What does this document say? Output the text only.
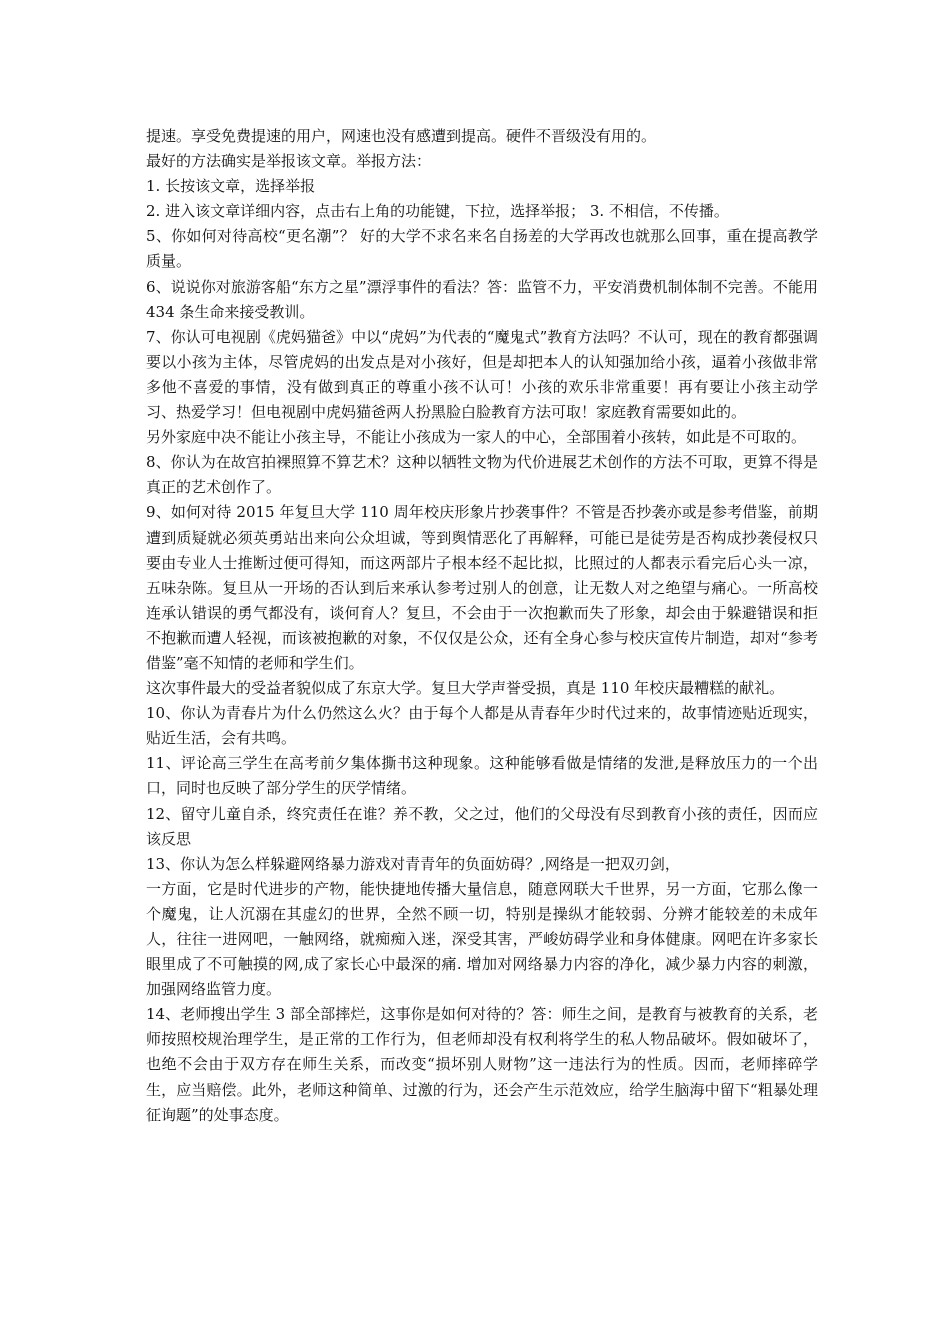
提速。享受免费提速的用户，网速也没有感遭到提高。硬件不晋级没有用的。

最好的方法确实是举报该文章。举报方法：

1. 长按该文章，选择举报

2. 进入该文章详细内容，点击右上角的功能键，下拉，选择举报； 3. 不相信，不传播。

5、你如何对待高校“更名潮”？ 好的大学不求名来名自扬差的大学再改也就那么回事，重在提高教学质量。

6、说说你对旅游客船“东方之星”漂浮事件的看法？答：监管不力，平安消费机制体制不完善。不能用 434 条生命来接受教训。

7、你认可电视剧《虎妈猫爸》中以“虎妈”为代表的“魔鬼式”教育方法吗？不认可，现在的教育都强调要以小孩为主体，尽管虎妈的出发点是对小孩好，但是却把本人的认知强加给小孩，逼着小孩做非常多他不喜爱的事情，没有做到真正的尊重小孩不认可！小孩的欢乐非常重要！再有要让小孩主动学习、热爱学习！但电视剧中虎妈猫爸两人扮黑脸白脸教育方法可取！家庭教育需要如此的。

另外家庭中决不能让小孩主导，不能让小孩成为一家人的中心，全部围着小孩转，如此是不可取的。

8、你认为在故宫拍裸照算不算艺术？这种以牺牲文物为代价进展艺术创作的方法不可取，更算不得是真正的艺术创作了。

9、如何对待 2015 年复旦大学 110 周年校庆形象片抄袭事件？不管是否抄袭亦或是参考借鉴，前期遭到质疑就必须英勇站出来向公众坦诚，等到舆情恶化了再解释，可能已是徒劳是否构成抄袭侵权只要由专业人士推断过便可得知，而这两部片子根本经不起比拟，比照过的人都表示看完后心头一凉，五味杂陈。复旦从一开场的否认到后来承认参考过别人的创意，让无数人对之绝望与痛心。一所高校连承认错误的勇气都没有，谈何育人？复旦，不会由于一次抱歉而失了形象，却会由于躲避错误和拒不抱歉而遭人轻视，而该被抱歉的对象，不仅仅是公众，还有全身心参与校庆宣传片制造，却对“参考借鉴”毫不知情的老师和学生们。

这次事件最大的受益者貌似成了东京大学。复旦大学声誉受损，真是 110 年校庆最糟糕的献礼。

10、你认为青春片为什么仍然这么火？由于每个人都是从青春年少时代过来的，故事情迹贴近现实，贴近生活，会有共鸣。

11、评论高三学生在高考前夕集体撕书这种现象。这种能够看做是情绪的发泄,是释放压力的一个出口，同时也反映了部分学生的厌学情绪。

12、留守儿童自杀，终究责任在谁？养不教，父之过，他们的父母没有尽到教育小孩的责任，因而应该反思

13、你认为怎么样躲避网络暴力游戏对青青年的负面妨碍？,网络是一把双刃剑，

一方面，它是时代进步的产物，能快捷地传播大量信息，随意网联大千世界，另一方面，它那么像一个魔鬼，让人沉溺在其虚幻的世界，全然不顾一切，特别是操纵才能较弱、分辨才能较差的未成年人，往往一进网吧，一触网络，就痴痴入迷，深受其害，严峻妨碍学业和身体健康。网吧在许多家长眼里成了不可触摸的网,成了家长心中最深的痛. 增加对网络暴力内容的净化，减少暴力内容的刺激，加强网络监管力度。

14、老师搜出学生 3 部全部摔烂，这事你是如何对待的？答：师生之间，是教育与被教育的关系，老师按照校规治理学生，是正常的工作行为，但老师却没有权利将学生的私人物品破坏。假如破坏了，也绝不会由于双方存在师生关系，而改变“损坏别人财物”这一违法行为的性质。因而，老师摔碎学生，应当赔偿。此外，老师这种简单、过激的行为，还会产生示范效应，给学生脑海中留下“粗暴处理征询题”的处事态度。
